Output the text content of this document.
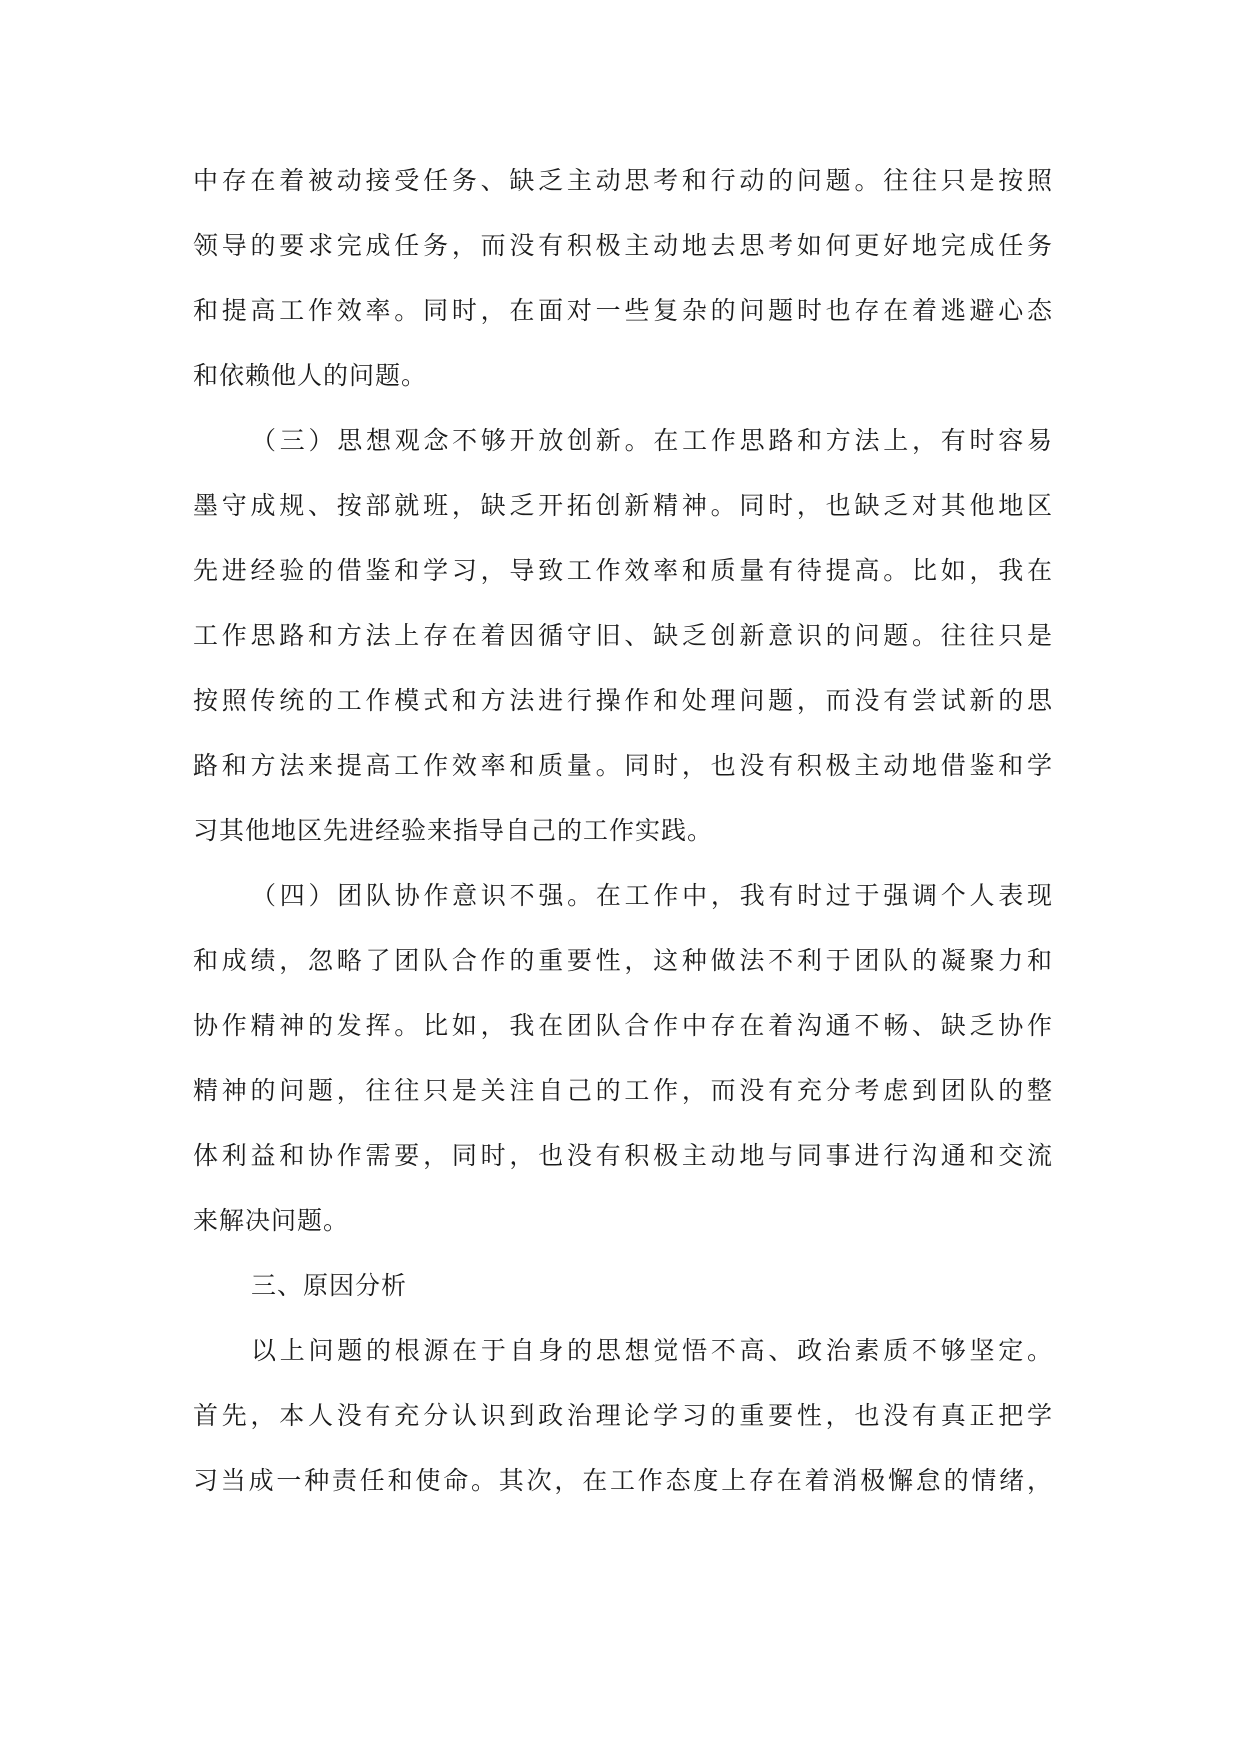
中存在着被动接受任务、缺乏主动思考和行动的问题。往往只是按照
领导的要求完成任务，而没有积极主动地去思考如何更好地完成任务
和提高工作效率。同时，在面对一些复杂的问题时也存在着逃避心态
和依赖他人的问题。
（三）思想观念不够开放创新。在工作思路和方法上，有时容易
墨守成规、按部就班，缺乏开拓创新精神。同时，也缺乏对其他地区
先进经验的借鉴和学习，导致工作效率和质量有待提高。比如，我在
工作思路和方法上存在着因循守旧、缺乏创新意识的问题。往往只是
按照传统的工作模式和方法进行操作和处理问题，而没有尝试新的思
路和方法来提高工作效率和质量。同时，也没有积极主动地借鉴和学
习其他地区先进经验来指导自己的工作实践。
（四）团队协作意识不强。在工作中，我有时过于强调个人表现
和成绩，忽略了团队合作的重要性，这种做法不利于团队的凝聚力和
协作精神的发挥。比如，我在团队合作中存在着沟通不畅、缺乏协作
精神的问题，往往只是关注自己的工作，而没有充分考虑到团队的整
体利益和协作需要，同时，也没有积极主动地与同事进行沟通和交流
来解决问题。
三、原因分析
以上问题的根源在于自身的思想觉悟不高、政治素质不够坚定。
首先，本人没有充分认识到政治理论学习的重要性，也没有真正把学
习当成一种责任和使命。其次，在工作态度上存在着消极懈怠的情绪，
